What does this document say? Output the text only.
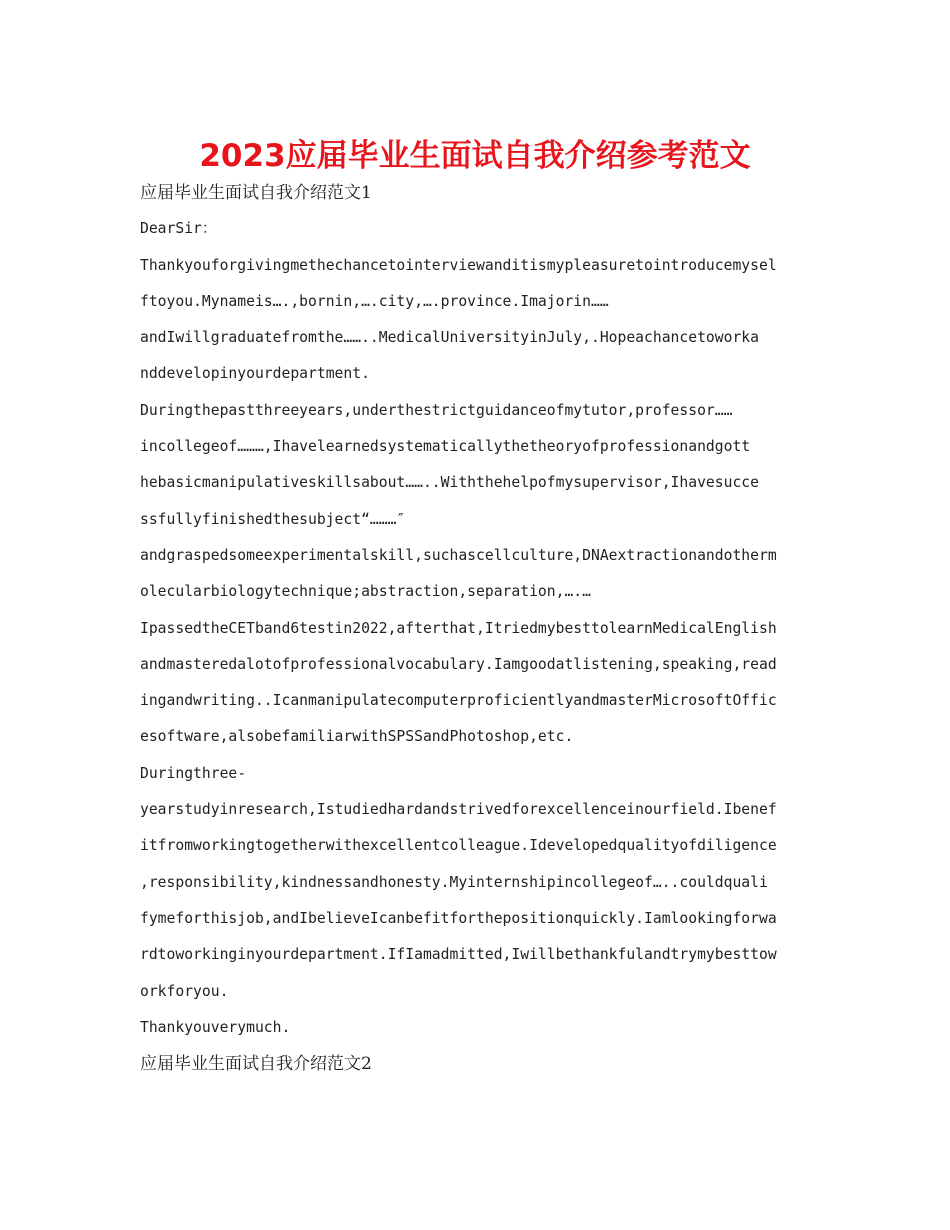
2023应届毕业生面试自我介绍参考范文
应届毕业生面试自我介绍范文1
DearSir：
Thankyouforgivingmethechancetointerviewanditismypleasuretointroducemysel
ftoyou.Mynameis….,bornin,….city,….province.Imajorin……
andIwillgraduatefromthe……..MedicalUniversityinJuly,.Hopeachancetoworka
nddevelopinyourdepartment.
Duringthepastthreeyears,underthestrictguidanceofmytutor,professor……
incollegeof………,Ihavelearnedsystematicallythetheoryofprofessionandgott
hebasicmanipulativeskillsabout……..Withthehelpofmysupervisor,Ihavesucce
ssfullyfinishedthesubject“………″
andgraspedsomeexperimentalskill,suchascellculture,DNAextractionandotherm
olecularbiologytechnique;abstraction,separation,….…
IpassedtheCETband6testin2022,afterthat,ItriedmybesttolearnMedicalEnglish
andmasteredalotofprofessionalvocabulary.Iamgoodatlistening,speaking,read
ingandwriting..IcanmanipulatecomputerproficientlyandmasterMicrosoftOffic
esoftware,alsobefamiliarwithSPSSandPhotoshop,etc.
Duringthree-
yearstudyinresearch,Istudiedhardandstrivedforexcellenceinourfield.Ibenef
itfromworkingtogetherwithexcellentcolleague.Idevelopedqualityofdiligence
,responsibility,kindnessandhonesty.Myinternshipincollegeof…..couldquali
fymeforthisjob,andIbelieveIcanbefitforthepositionquickly.Iamlookingforwa
rdtoworkinginyourdepartment.IfIamadmitted,Iwillbethankfulandtrymybesttow
orkforyou.
Thankyouverymuch.
应届毕业生面试自我介绍范文2
